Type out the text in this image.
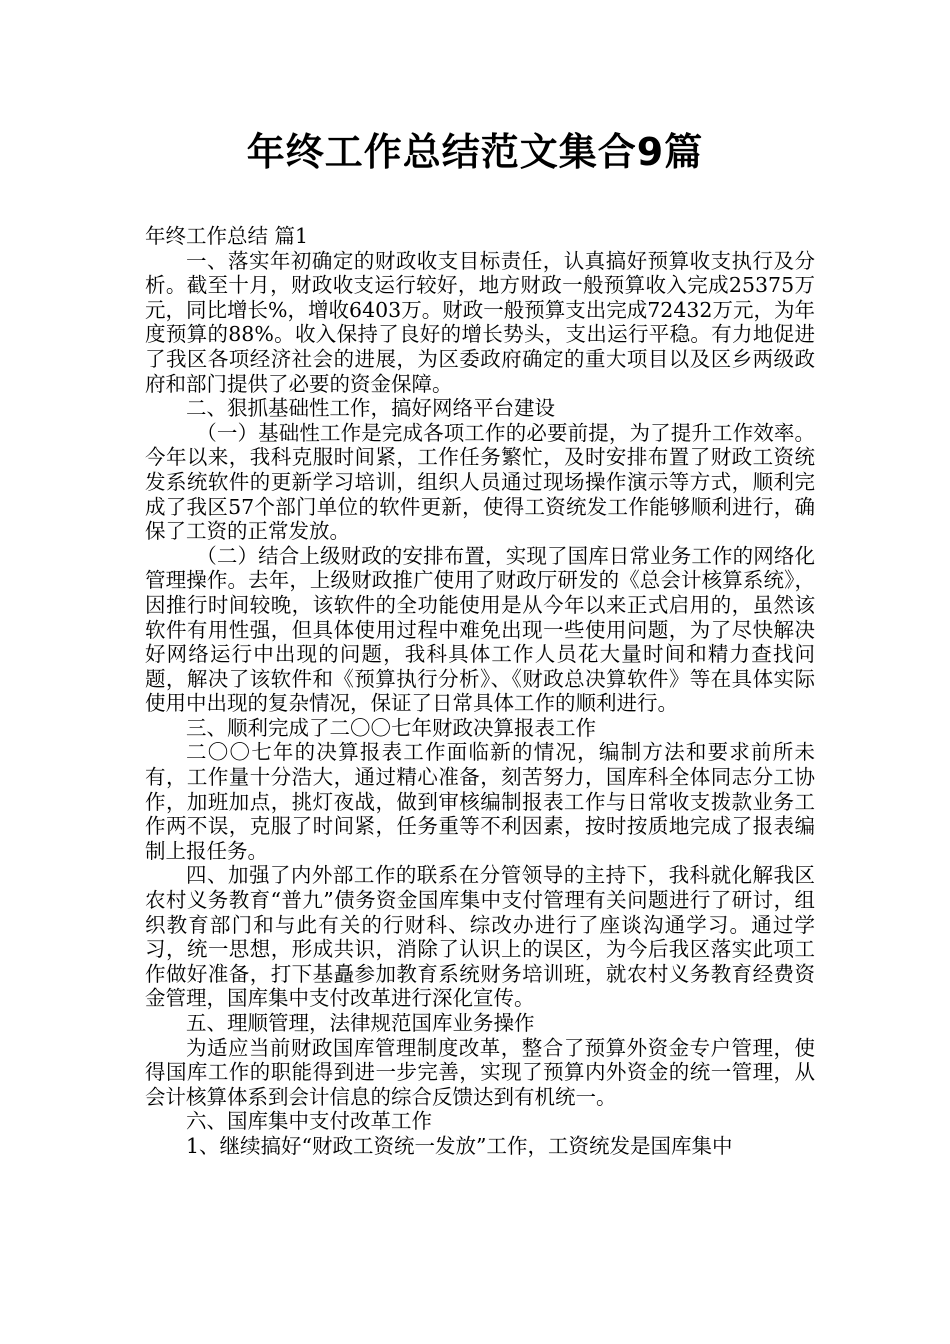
年终工作总结范文集合9篇

年终工作总结 篇1

一、落实年初确定的财政收支目标责任，认真搞好预算收支执行及分析。截至十月，财政收支运行较好，地方财政一般预算收入完成25375万元，同比增长%，增收6403万。财政一般预算支出完成72432万元，为年度预算的88%。收入保持了良好的增长势头，支出运行平稳。有力地促进了我区各项经济社会的进展，为区委政府确定的重大项目以及区乡两级政府和部门提供了必要的资金保障。

二、狠抓基础性工作，搞好网络平台建设

（一）基础性工作是完成各项工作的必要前提，为了提升工作效率。今年以来，我科克服时间紧，工作任务繁忙，及时安排布置了财政工资统发系统软件的更新学习培训，组织人员通过现场操作演示等方式，顺利完成了我区57个部门单位的软件更新，使得工资统发工作能够顺利进行，确保了工资的正常发放。

（二）结合上级财政的安排布置，实现了国库日常业务工作的网络化管理操作。去年，上级财政推广使用了财政厅研发的《总会计核算系统》，因推行时间较晚，该软件的全功能使用是从今年以来正式启用的，虽然该软件有用性强，但具体使用过程中难免出现一些使用问题，为了尽快解决好网络运行中出现的问题，我科具体工作人员花大量时间和精力查找问题，解决了该软件和《预算执行分析》、《财政总决算软件》等在具体实际使用中出现的复杂情况，保证了日常具体工作的顺利进行。

三、顺利完成了二〇〇七年财政决算报表工作

二〇〇七年的决算报表工作面临新的情况，编制方法和要求前所未有，工作量十分浩大，通过精心准备，刻苦努力，国库科全体同志分工协作，加班加点，挑灯夜战，做到审核编制报表工作与日常收支拨款业务工作两不误，克服了时间紧，任务重等不利因素，按时按质地完成了报表编制上报任务。

四、加强了内外部工作的联系在分管领导的主持下，我科就化解我区农村义务教育“普九”债务资金国库集中支付管理有关问题进行了研讨，组织教育部门和与此有关的行财科、综改办进行了座谈沟通学习。通过学习，统一思想，形成共识，消除了认识上的误区，为今后我区落实此项工作做好准备，打下基矗参加教育系统财务培训班，就农村义务教育经费资金管理，国库集中支付改革进行深化宣传。

五、理顺管理，法律规范国库业务操作

为适应当前财政国库管理制度改革，整合了预算外资金专户管理，使得国库工作的职能得到进一步完善，实现了预算内外资金的统一管理，从会计核算体系到会计信息的综合反馈达到有机统一。

六、国库集中支付改革工作

1、继续搞好“财政工资统一发放”工作，工资统发是国库集中
